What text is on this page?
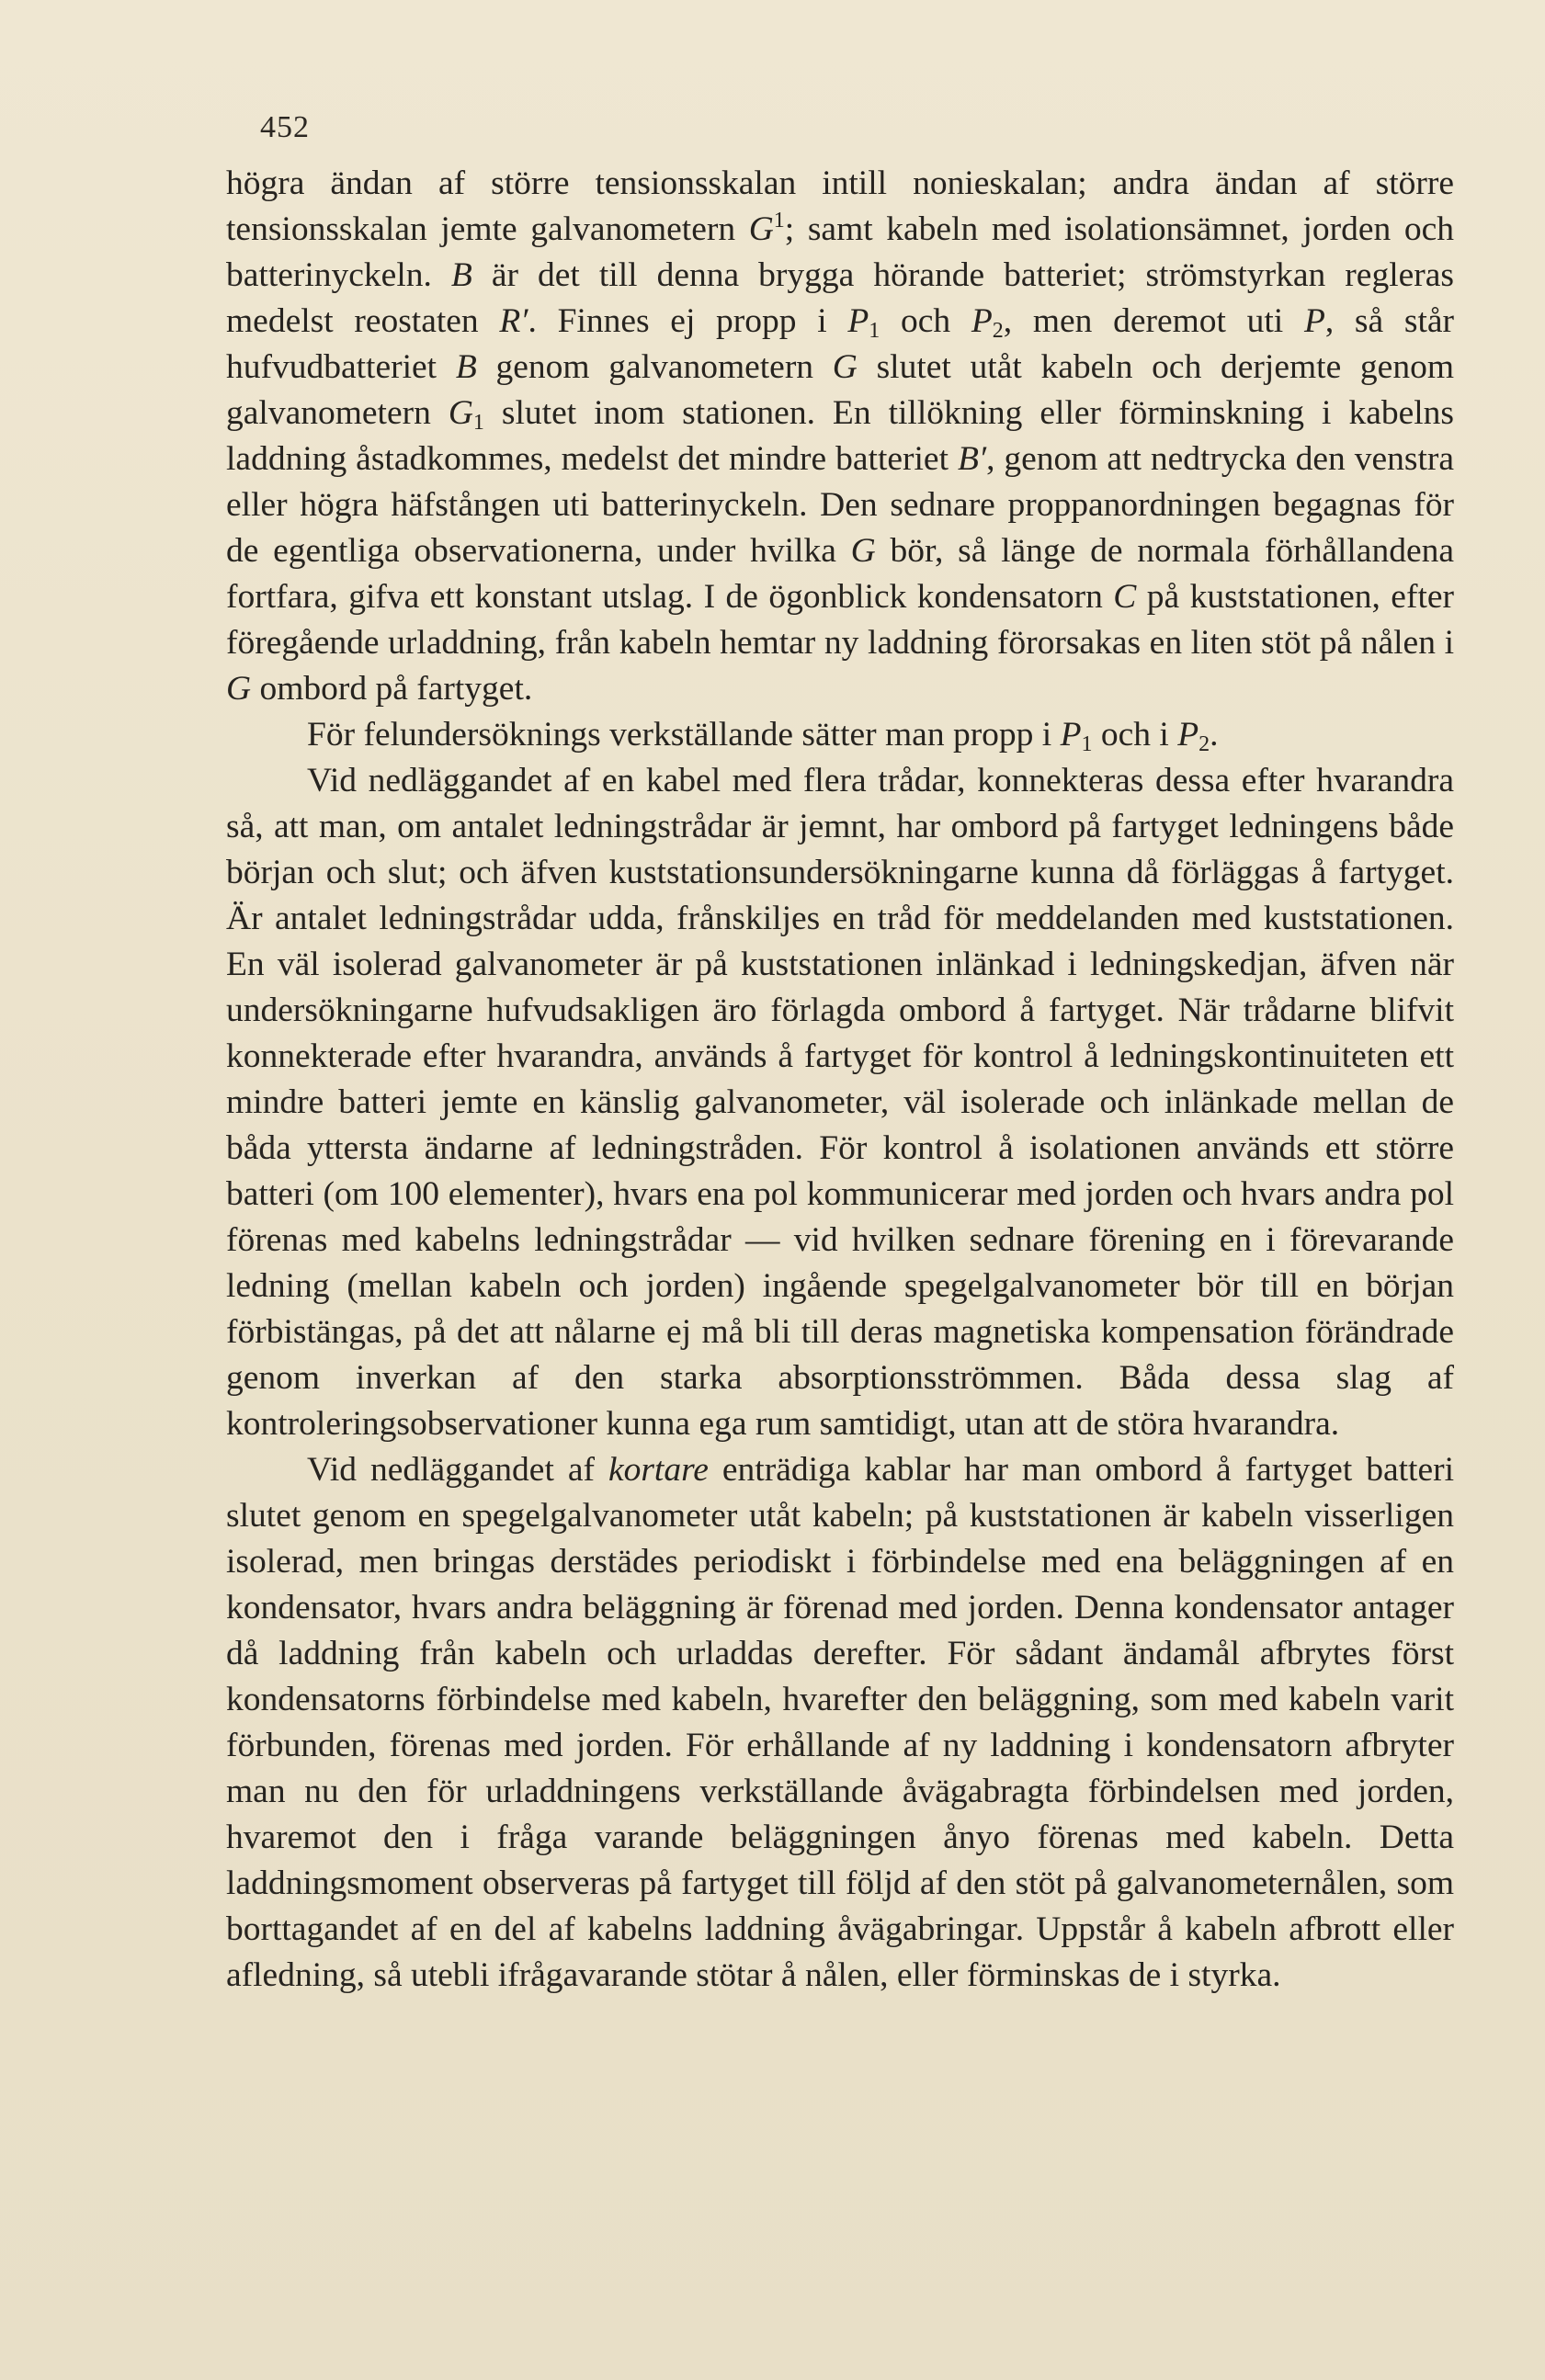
452

högra ändan af större tensionsskalan intill nonieskalan; andra ändan af större tensionsskalan jemte galvanometern $G^1$; samt kabeln med isolationsämnet, jorden och batterinyckeln. B är det till denna brygga hörande batteriet; strömstyrkan regleras medelst reostaten R′. Finnes ej propp i $P_1$ och $P_2$, men deremot uti P, så står hufvudbatteriet B genom galvanometern G slutet utåt kabeln och derjemte genom galvanometern $G_1$ slutet inom stationen. En tillökning eller förminskning i kabelns laddning åstadkommes, medelst det mindre batteriet B′, genom att nedtrycka den venstra eller högra häfstången uti batterinyckeln. Den sednare proppanordningen begagnas för de egentliga observationerna, under hvilka G bör, så länge de normala förhållandena fortfara, gifva ett konstant utslag. I de ögonblick kondensatorn C på kuststationen, efter föregående urladdning, från kabeln hemtar ny laddning förorsakas en liten stöt på nålen i G ombord på fartyget.

För felundersöknings verkställande sätter man propp i $P_1$ och i $P_2$.

Vid nedläggandet af en kabel med flera trådar, konnekteras dessa efter hvarandra så, att man, om antalet ledningstrådar är jemnt, har ombord på fartyget ledningens både början och slut; och äfven kuststationsundersökningarne kunna då förläggas å fartyget. Är antalet ledningstrådar udda, frånskiljes en tråd för meddelanden med kuststationen. En väl isolerad galvanometer är på kuststationen inlänkad i ledningskedjan, äfven när undersökningarne hufvudsakligen äro förlagda ombord å fartyget. När trådarne blifvit konnekterade efter hvarandra, används å fartyget för kontrol å ledningskontinuiteten ett mindre batteri jemte en känslig galvanometer, väl isolerade och inlänkade mellan de båda yttersta ändarne af ledningstråden. För kontrol å isolationen används ett större batteri (om 100 elementer), hvars ena pol kommunicerar med jorden och hvars andra pol förenas med kabelns ledningstrådar — vid hvilken sednare förening en i förevarande ledning (mellan kabeln och jorden) ingående spegelgalvanometer bör till en början förbistängas, på det att nålarne ej må bli till deras magnetiska kompensation förändrade genom inverkan af den starka absorptionsströmmen. Båda dessa slag af kontroleringsobservationer kunna ega rum samtidigt, utan att de störa hvarandra.

Vid nedläggandet af kortare enträdiga kablar har man ombord å fartyget batteri slutet genom en spegelgalvanometer utåt kabeln; på kuststationen är kabeln visserligen isolerad, men bringas derstädes periodiskt i förbindelse med ena beläggningen af en kondensator, hvars andra beläggning är förenad med jorden. Denna kondensator antager då laddning från kabeln och urladdas derefter. För sådant ändamål afbrytes först kondensatorns förbindelse med kabeln, hvarefter den beläggning, som med kabeln varit förbunden, förenas med jorden. För erhållande af ny laddning i kondensatorn afbryter man nu den för urladdningens verkställande åvägabragta förbindelsen med jorden, hvaremot den i fråga varande beläggningen ånyo förenas med kabeln. Detta laddningsmoment observeras på fartyget till följd af den stöt på galvanometernålen, som borttagandet af en del af kabelns laddning åvägabringar. Uppstår å kabeln afbrott eller afledning, så utebli ifrågavarande stötar å nålen, eller förminskas de i styrka.
